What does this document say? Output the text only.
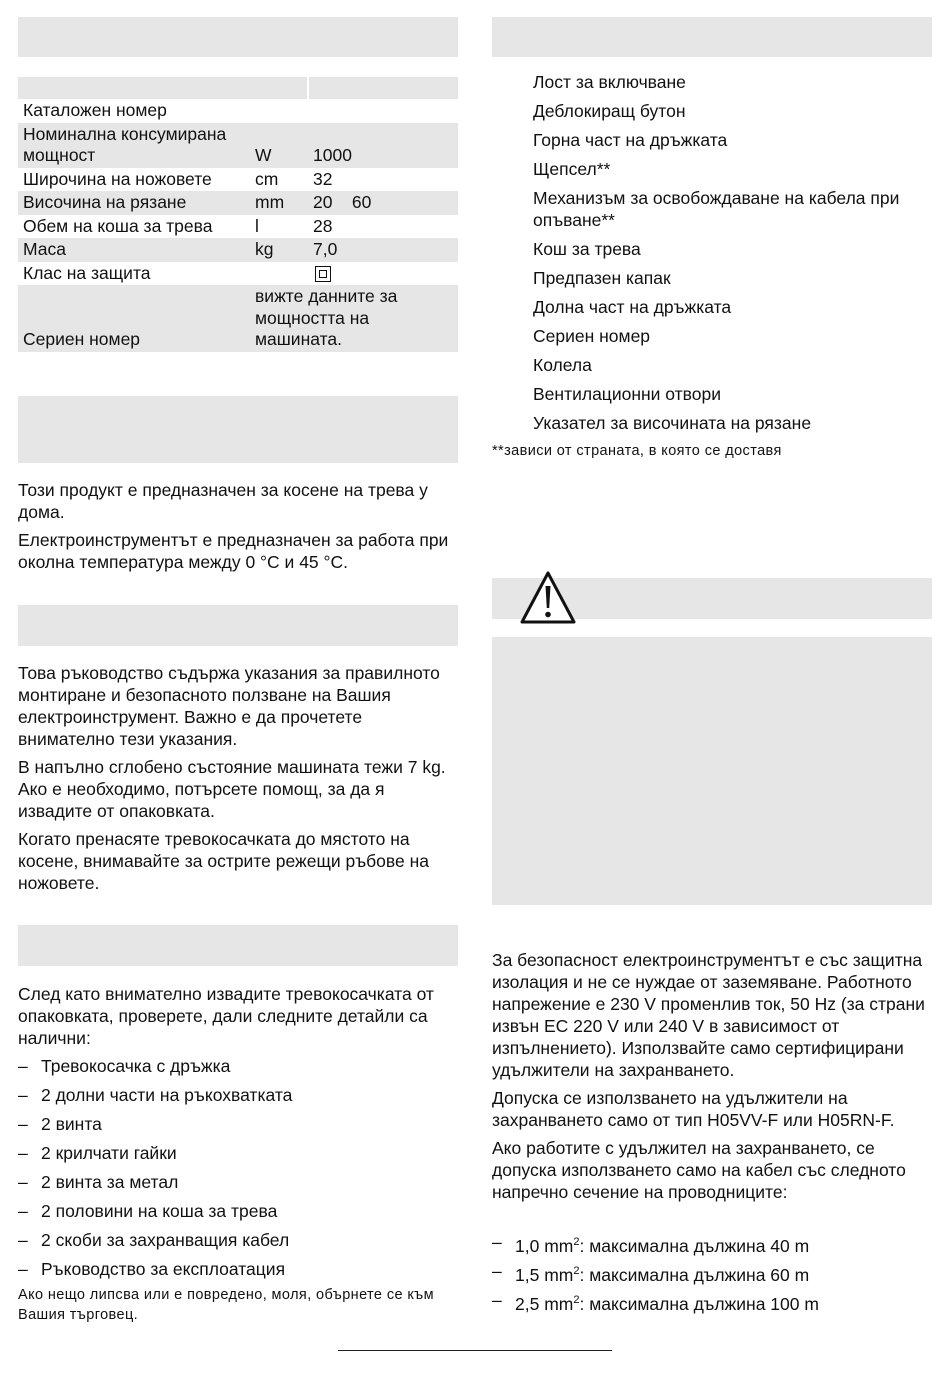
Каталожен номер		
Номинална консумирана мощност	W	1000
Широчина на ножовете	cm	32
Височина на рязане	mm	20    60
Обем на коша за трева	l	28
Маса	kg	7,0
Клас на защита		
Сериен номер	вижте данните за мощността на машината.	

Този продукт е предназначен за косене на трева у дома.

Електроинструментът е предназначен за работа при околна температура между 0 °C и 45 °C.

Това ръководство съдържа указания за правилното монтиране и безопасното ползване на Вашия електроинструмент. Важно е да прочетете внимателно тези указания.

В напълно сглобено състояние машината тежи 7 kg. Ако е необходимо, потърсете помощ, за да я извадите от опаковката.

Когато пренасяте тревокосачката до мястото на косене, внимавайте за острите режещи ръбове на ножовете.

След като внимателно извадите тревокосачката от опаковката, проверете, дали следните детайли са налични:

– Тревокосачка с дръжка
– 2 долни части на ръкохватката
– 2 винта
– 2 крилчати гайки
– 2 винта за метал
– 2 половини на коша за трева
– 2 скоби за захранващия кабел
– Ръководство за експлоатация
Ако нещо липсва или е повредено, моля, обърнете се към Вашия търговец.
Лост за включване
Деблокиращ бутон
Горна част на дръжката
Щепсел**
Механизъм за освобождаване на кабела при опъване**
Кош за трева
Предпазен капак
Долна част на дръжката
Сериен номер
Колела
Вентилационни отвори
Указател за височината на рязане
**зависи от страната, в която се доставя

За безопасност електроинструментът е със защитна изолация и не се нуждае от заземяване. Работното напрежение е 230 V променлив ток, 50 Hz (за страни извън ЕС 220 V или 240 V в зависимост от изпълнението). Използвайте само сертифицирани удължители на захранването.

Допуска се използването на удължители на захранването само от тип H05VV-F или H05RN-F.

Ако работите с удължител на захранването, се допуска използването само на кабел със следното напречно сечение на проводниците:

– 1,0 $mm^2$: максимална дължина 40 m
– 1,5 $mm^2$: максимална дължина 60 m
– 2,5 $mm^2$: максимална дължина 100 m
